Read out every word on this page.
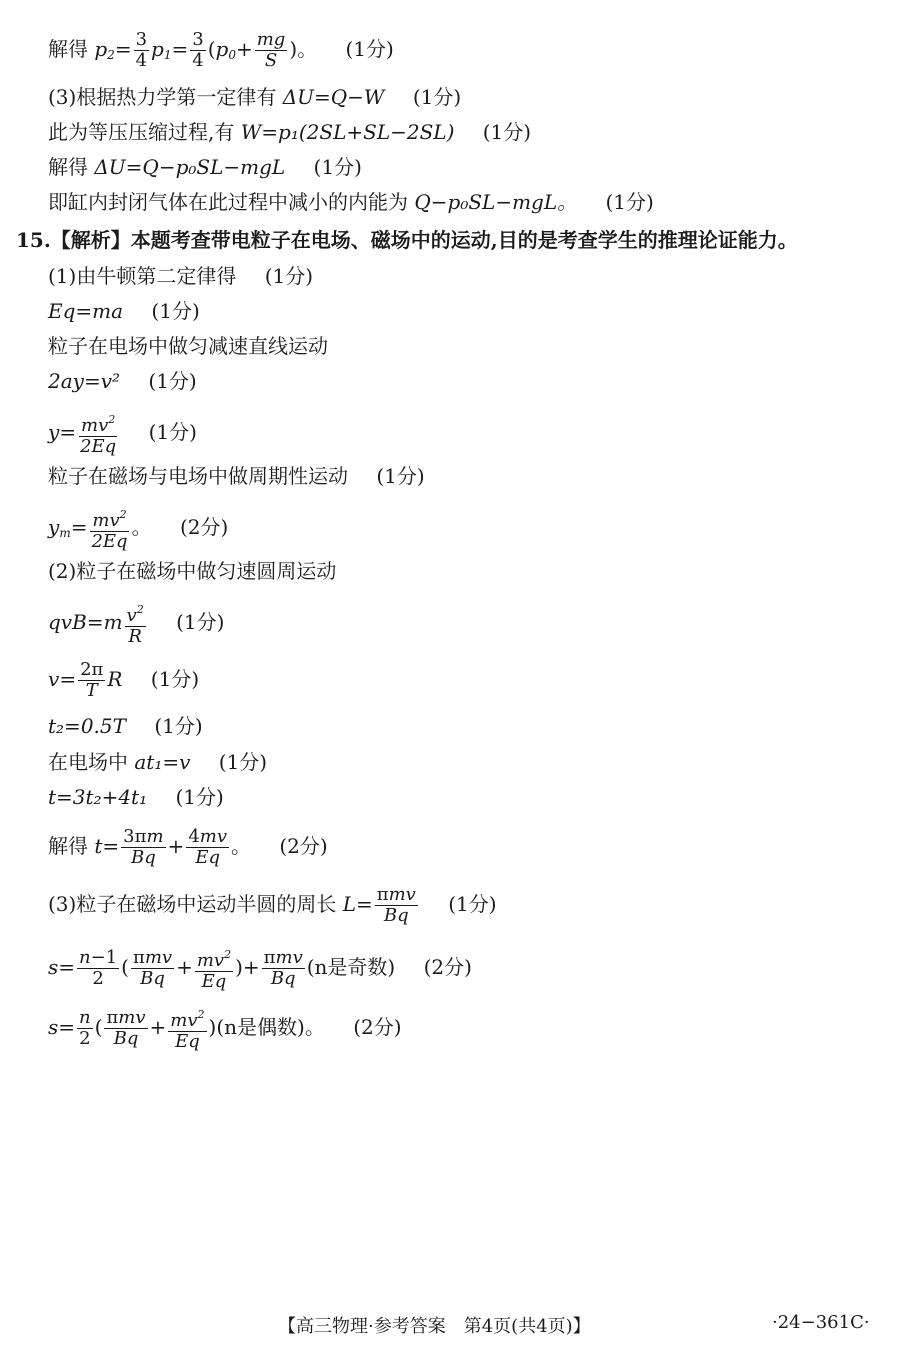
解得 $p_2= \frac{3}{4} p_1= \frac{3}{4} (p_0+ \frac{mg}{S}$ )。 (1分)
(3)根据热力学第一定律有 ΔU=Q−W (1分)
此为等压压缩过程,有 W=p₁(2SL+SL−2SL) (1分)
解得 ΔU=Q−p₀SL−mgL (1分)
即缸内封闭气体在此过程中减小的内能为 Q−p₀SL−mgL。 (1分)
15.【解析】本题考查带电粒子在电场、磁场中的运动,目的是考查学生的推理论证能力。
(1)由牛顿第二定律得 (1分)
Eq=ma (1分)
粒子在电场中做匀减速直线运动
2ay=v² (1分)
$y= \frac{mv^2}{2Eq} (1$分)
粒子在磁场与电场中做周期性运动 (1分)
$y_m= \frac{mv^2}{2Eq}$ 。 (2分)
(2)粒子在磁场中做匀速圆周运动
$qvB=m \frac{v^2}{R} (1$分)
$v= \frac{2\pi}{T}$ R (1分)
t₂=0.5T (1分)
在电场中 at₁=v (1分)
t=3t₂+4t₁ (1分)
解得 $t= \frac{3\pi m}{Bq} + \frac{4mv}{Eq}$ 。 (2分)
(3)粒子在磁场中运动半圆的周长 $L= \frac{\text{πmv}}{Bq} (1$分)
$s= \frac{n-1}{2}$ ( $\frac{\text{πmv}}{Bq} + \frac{mv^2}{Eq}$ )+ $\frac{\text{πmv}}{Bq} (n$是奇数) (2分)
$s= \frac{n}{2}$ ( $\frac{\text{πmv}}{Bq} + \frac{mv^2}{Eq} )(n$是偶数)。 (2分)
【高三物理·参考答案　第4页(共4页)】	·24−361C·
